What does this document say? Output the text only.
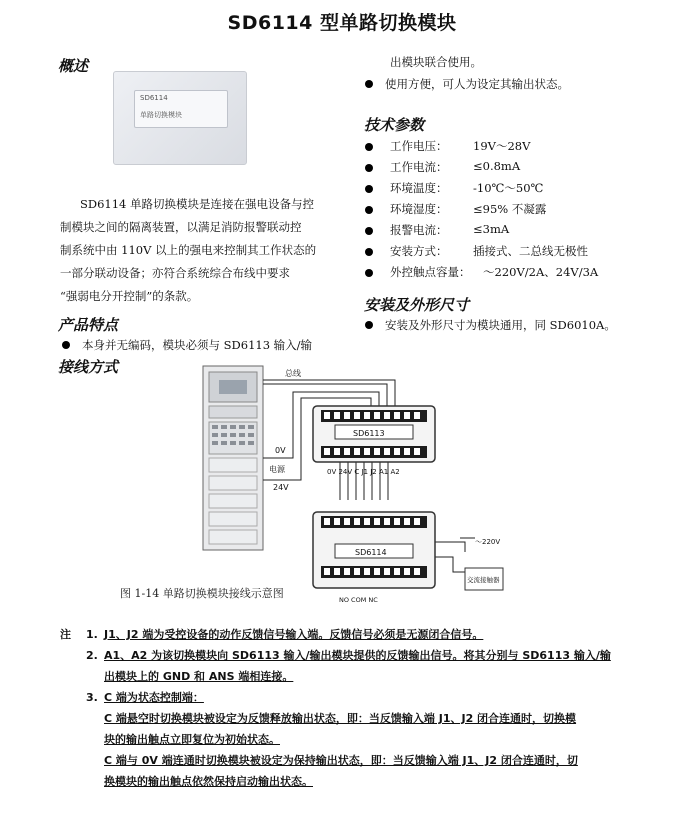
SD6114 型单路切换模块
概述
SD6114
单路切换模块
SD6114 单路切换模块是连接在强电设备与控
制模块之间的隔离装置，以满足消防报警联动控
制系统中由 110V 以上的强电来控制其工作状态的
一部分联动设备；亦符合系统综合布线中要求
“强弱电分开控制”的条款。
产品特点
本身并无编码，模块必须与 SD6113 输入/输
出模块联合使用。
使用方便，可人为设定其输出状态。
技术参数
工作电压： 19V～28V
工作电流： ≤0.8mA
环境温度： -10℃～50℃
环境湿度： ≤95% 不凝露
报警电流： ≤3mA
安装方式： 插接式、二总线无极性
外控触点容量： ～220V/2A、24V/3A
安装及外形尺寸
安装及外形尺寸为模块通用，同 SD6010A。
接线方式	总线
0V
电源
24V
SD6113
SD6114
0V 24V C J1 J2 A1 A2
NO COM NC
～220V
交流接触器
图 1-14 单路切换模块接线示意图
注 1. J1、J2 端为受控设备的动作反馈信号输入端。反馈信号必须是无源闭合信号。
2. A1、A2 为该切换模块向 SD6113 输入/输出模块提供的反馈输出信号。将其分别与 SD6113 输入/输
出模块上的 GND 和 ANS 端相连接。
3. C 端为状态控制端：
C 端悬空时切换模块被设定为反馈释放输出状态，即：当反馈输入端 J1、J2 闭合连通时，切换模
块的输出触点立即复位为初始状态。
C 端与 0V 端连通时切换模块被设定为保持输出状态，即：当反馈输入端 J1、J2 闭合连通时，切
换模块的输出触点依然保持启动输出状态。
